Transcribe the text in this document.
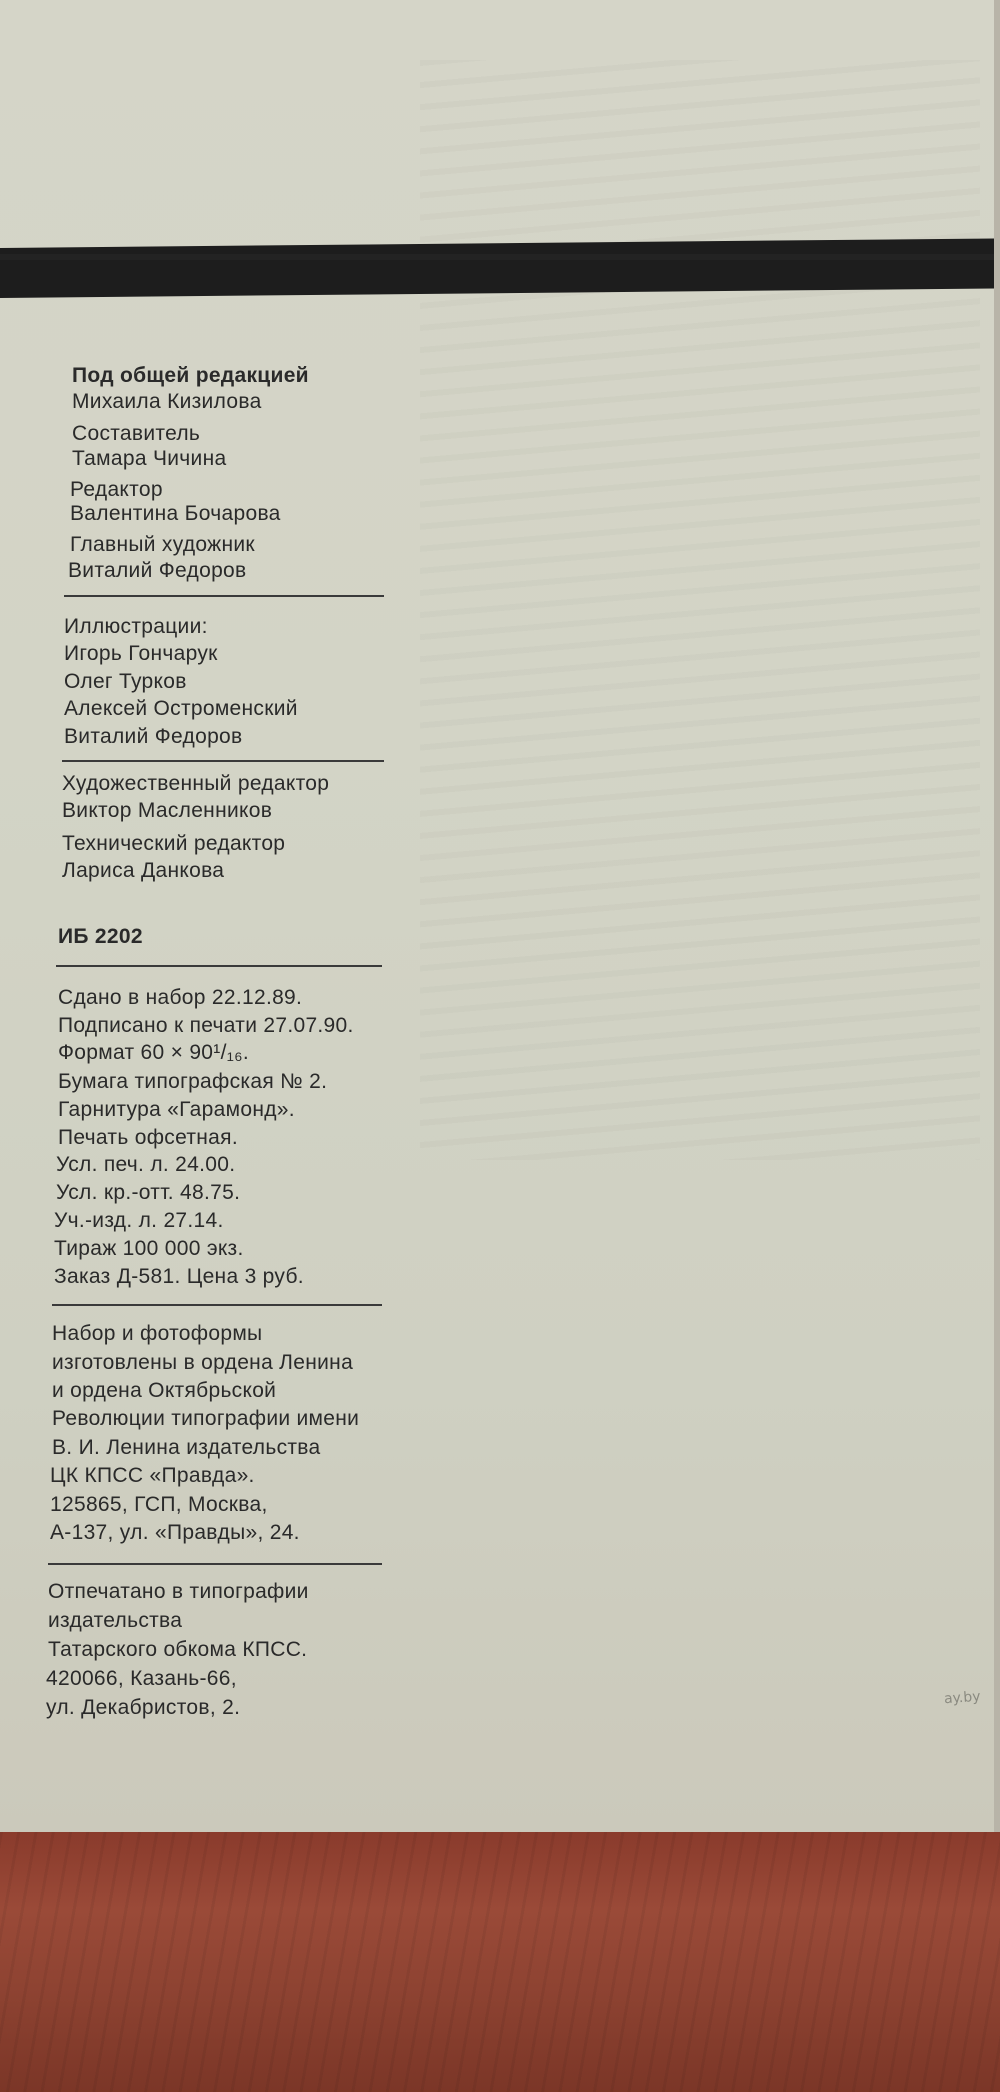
Под общей редакцией
Михаила Кизилова
Составитель
Тамара Чичина
Редактор
Валентина Бочарова
Главный художник
Виталий Федоров
Иллюстрации:
Игорь Гончарук
Олег Турков
Алексей Остроменский
Виталий Федоров
Художественный редактор
Виктор Масленников
Технический редактор
Лариса Данкова
ИБ 2202
Сдано в набор 22.12.89.
Подписано к печати 27.07.90.
Формат 60 × 90¹/₁₆.
Бумага типографская № 2.
Гарнитура «Гарамонд».
Печать офсетная.
Усл. печ. л. 24.00.
Усл. кр.-отт. 48.75.
Уч.-изд. л. 27.14.
Тираж 100 000 экз.
Заказ Д-581. Цена 3 руб.
Набор и фотоформы
изготовлены в ордена Ленина
и ордена Октябрьской
Революции типографии имени
В. И. Ленина издательства
ЦК КПСС «Правда».
125865, ГСП, Москва,
А-137, ул. «Правды», 24.
Отпечатано в типографии
издательства
Татарского обкома КПСС.
420066, Казань-66,
ул. Декабристов, 2.	ay.by
